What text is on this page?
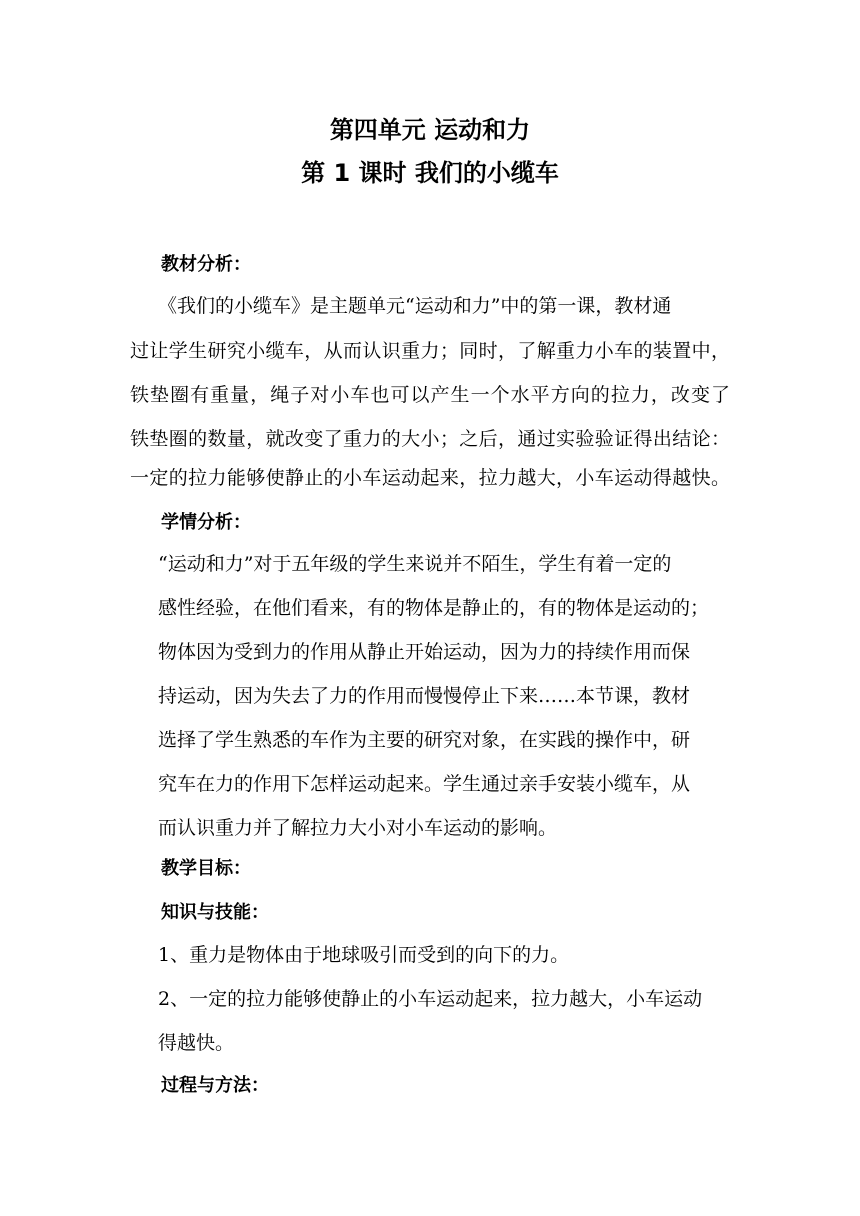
第四单元 运动和力
第 1 课时 我们的小缆车
教材分析：
《我们的小缆车》是主题单元“运动和力”中的第一课，教材通
过让学生研究小缆车，从而认识重力；同时，了解重力小车的装置中，
铁垫圈有重量，绳子对小车也可以产生一个水平方向的拉力，改变了
铁垫圈的数量，就改变了重力的大小；之后，通过实验验证得出结论：
一定的拉力能够使静止的小车运动起来，拉力越大，小车运动得越快。
学情分析：
“运动和力”对于五年级的学生来说并不陌生，学生有着一定的
感性经验，在他们看来，有的物体是静止的，有的物体是运动的；
物体因为受到力的作用从静止开始运动，因为力的持续作用而保
持运动，因为失去了力的作用而慢慢停止下来……本节课，教材
选择了学生熟悉的车作为主要的研究对象，在实践的操作中，研
究车在力的作用下怎样运动起来。学生通过亲手安装小缆车，从
而认识重力并了解拉力大小对小车运动的影响。
教学目标：
知识与技能：
1、重力是物体由于地球吸引而受到的向下的力。
2、一定的拉力能够使静止的小车运动起来，拉力越大，小车运动
得越快。
过程与方法：
